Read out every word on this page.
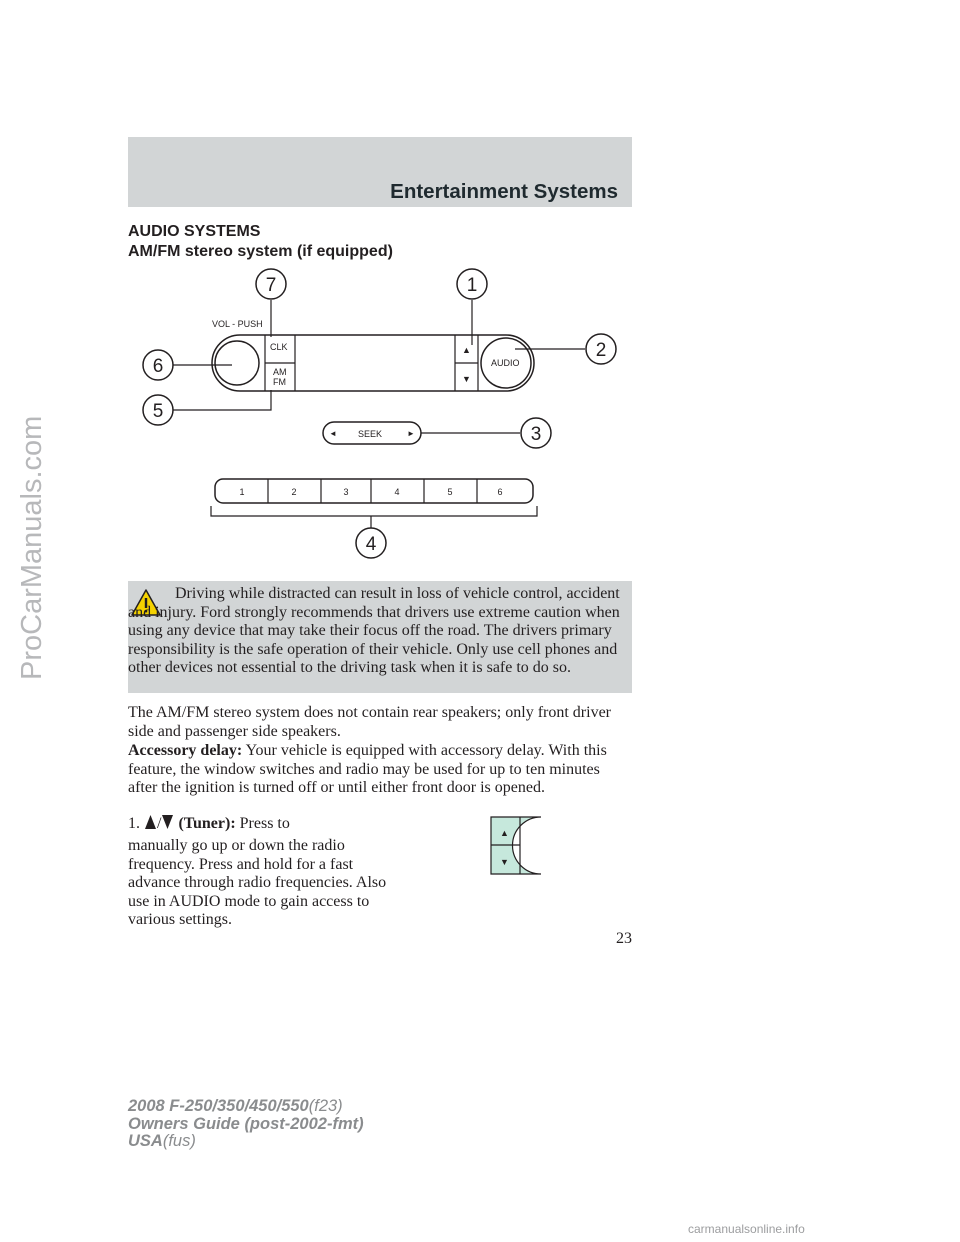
Entertainment Systems
AUDIO SYSTEMS
AM/FM stereo system (if equipped)
VOL - PUSH
CLK
AM
FM
▲
▼
AUDIO
◄ SEEK	►
1	2	3	4	5	6
7	1
6
2
5
3
4
Driving while distracted can result in loss of vehicle control, accident and injury. Ford strongly recommends that drivers use extreme caution when using any device that may take their focus off the road. The drivers primary responsibility is the safe operation of their vehicle. Only use cell phones and other devices not essential to the driving task when it is safe to do so.
The AM/FM stereo system does not contain rear speakers; only front driver side and passenger side speakers.
Accessory delay: Your vehicle is equipped with accessory delay. With this feature, the window switches and radio may be used for up to ten minutes after the ignition is turned off or until either front door is opened.
1. / (Tuner): Press to
manually go up or down the radio frequency. Press and hold for a fast advance through radio frequencies. Also use in AUDIO mode to gain access to various settings.
▲
▼
23
2008 F-250/350/450/550(f23)
Owners Guide (post-2002-fmt)
USA(fus)
ProCarManuals.com
carmanualsonline.info
